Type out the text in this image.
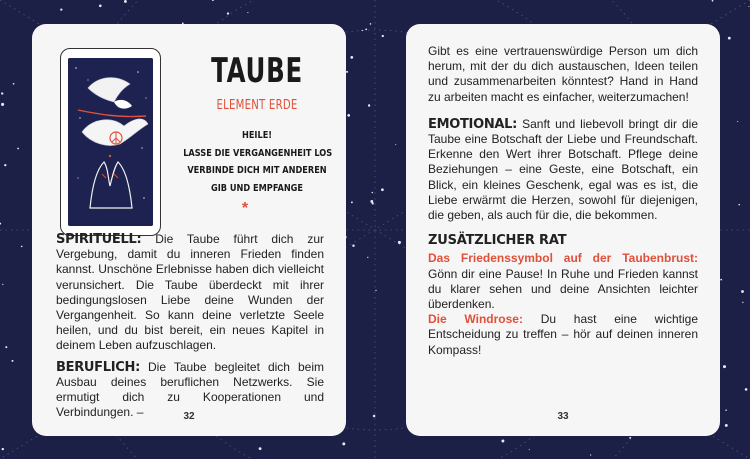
TAUBE
ELEMENT ERDE
HEILE!
LASSE DIE VERGANGENHEIT LOS
VERBINDE DICH MIT ANDEREN
GIB UND EMPFANGE
*

SPIRITUELL: Die Taube führt dich zur Vergebung, damit du inneren Frieden finden kannst. Unschöne Erlebnisse haben dich vielleicht verunsichert. Die Taube überdeckt mit ihrer bedingungslosen Liebe deine Wunden der Vergangenheit. So kann deine verletzte Seele heilen, und du bist bereit, ein neues Kapitel in deinem Leben aufzuschlagen.

BERUFLICH: Die Taube begleitet dich beim Ausbau deines beruflichen Netzwerks. Sie ermutigt dich zu Kooperationen und Verbindungen. –	32

Gibt es eine vertrauenswürdige Person um dich herum, mit der du dich austauschen, Ideen teilen und zusammenarbeiten könntest? Hand in Hand zu arbeiten macht es einfacher, weiterzumachen!

EMOTIONAL: Sanft und liebevoll bringt dir die Taube eine Botschaft der Liebe und Freundschaft. Erkenne den Wert ihrer Botschaft. Pflege deine Beziehungen – eine Geste, eine Botschaft, ein Blick, ein kleines Geschenk, egal was es ist, die Liebe erwärmt die Herzen, sowohl für diejenigen, die geben, als auch für die, die bekommen.

ZUSÄTZLICHER RAT

Das Friedenssymbol auf der Taubenbrust: Gönn dir eine Pause! In Ruhe und Frieden kannst du klarer sehen und deine Ansichten leichter überdenken.

Die Windrose: Du hast eine wichtige Entscheidung zu treffen – hör auf deinen inneren Kompass!

33
